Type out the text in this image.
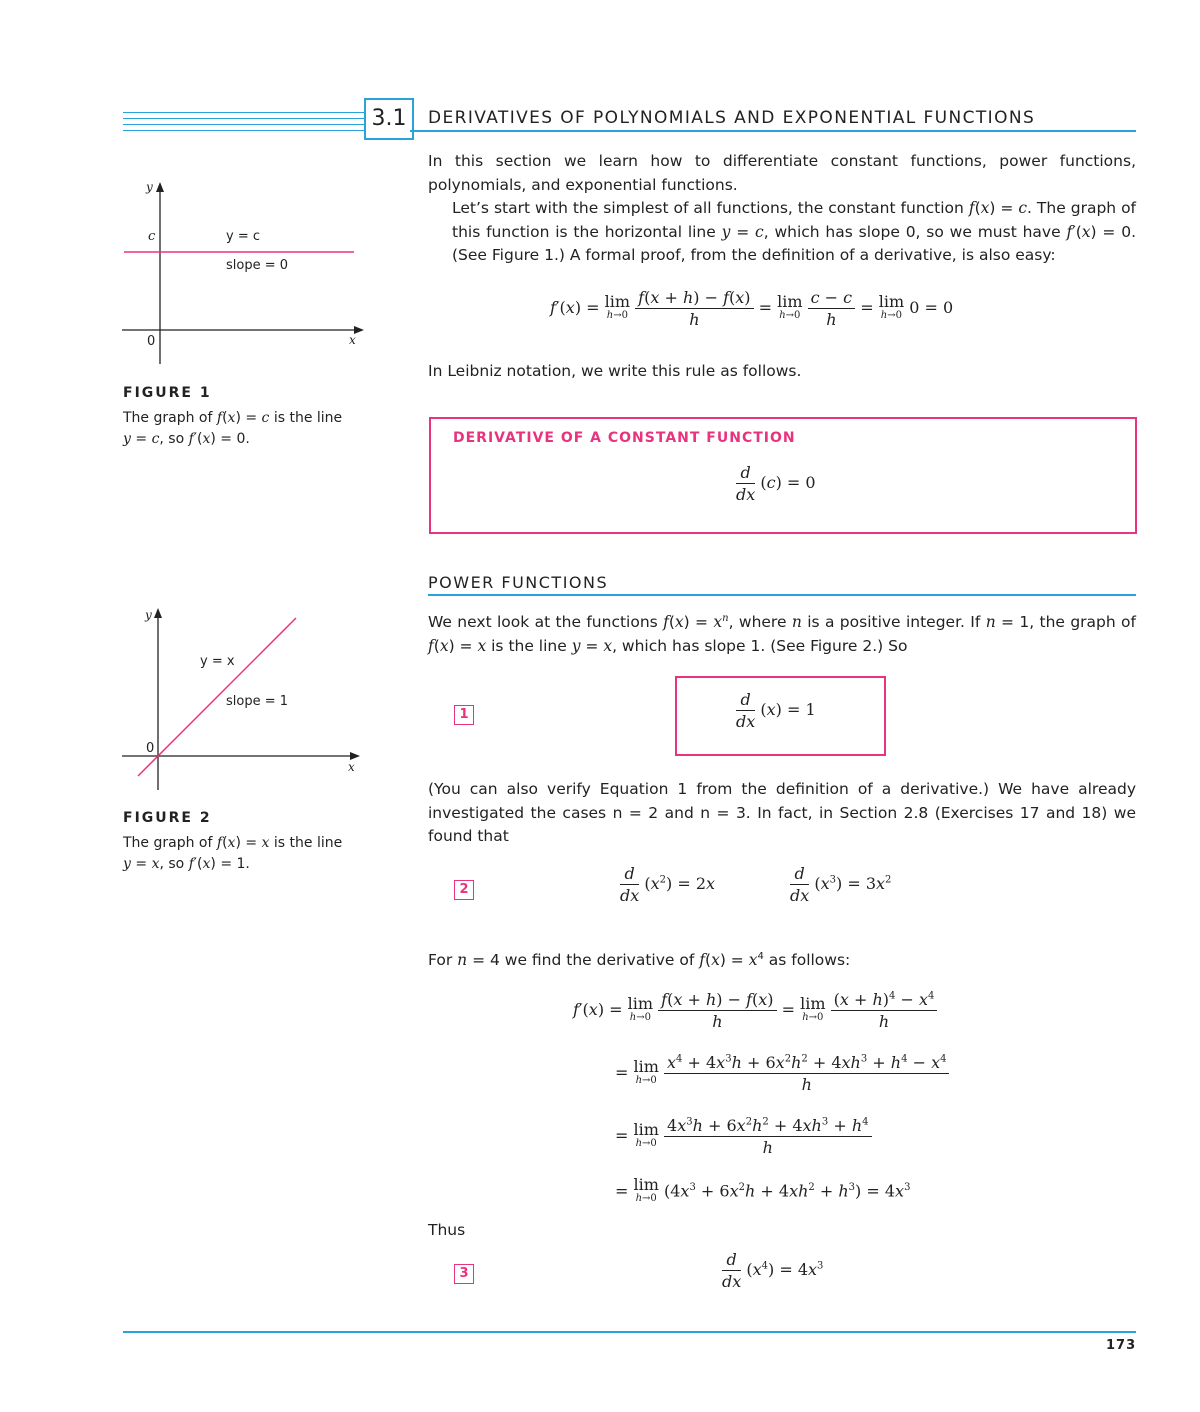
3.1	DERIVATIVES OF POLYNOMIALS AND EXPONENTIAL FUNCTIONS
y
x
0
c	y = c
slope = 0
FIGURE 1
The graph of f(x) = c is the line y = c, so f′(x) = 0.
In this section we learn how to differentiate constant functions, power functions, polynomials, and exponential functions.
Let’s start with the simplest of all functions, the constant function f(x) = c. The graph of this function is the horizontal line y = c, which has slope 0, so we must have f′(x) = 0. (See Figure 1.) A formal proof, from the definition of a derivative, is also easy:
f′(x) = lim
h→0
$\frac{f(x + h) - f(x)}{h} = \lim$
h→0
$\frac{c - c}{h} = \lim$
h→0 0 = 0
In Leibniz notation, we write this rule as follows.
DERIVATIVE OF A CONSTANT FUNCTION
$\frac{d}{dx} (c) = 0$
POWER FUNCTIONS
y
x
0
y = x
slope = 1
FIGURE 2
The graph of f(x) = x is the line y = x, so f′(x) = 1.
We next look at the functions $f(x) = x^n$, where n is a positive integer. If n = 1, the graph of f(x) = x is the line y = x, which has slope 1. (See Figure 2.) So
1	$\frac{d}{dx} (x) = 1$
(You can also verify Equation 1 from the definition of a derivative.) We have already investigated the cases n = 2 and n = 3. In fact, in Section 2.8 (Exercises 17 and 18) we found that
2	$\frac{d}{dx} (x^2) = 2x$	$\frac{d}{dx} (x^3) = 3x^2$
For n = 4 we find the derivative of $f(x) = x^4$ as follows:
f′(x) = lim
h→0
$\frac{f(x + h) - f(x)}{h} = \lim$
h→0
$\frac{(x + h)^4 - x^4}{h}$
= lim
h→0
$\frac{x^4 + 4x^3h + 6x^2h^2 + 4xh^3 + h^4 - x^4}{h}$
= lim
h→0
$\frac{4x^3h + 6x^2h^2 + 4xh^3 + h^4}{h}$
= lim
h→0 $(4x^3 + 6x^2h + 4xh^2 + h^3) = 4x^3$
Thus
3	$\frac{d}{dx} (x^4) = 4x^3$
173
